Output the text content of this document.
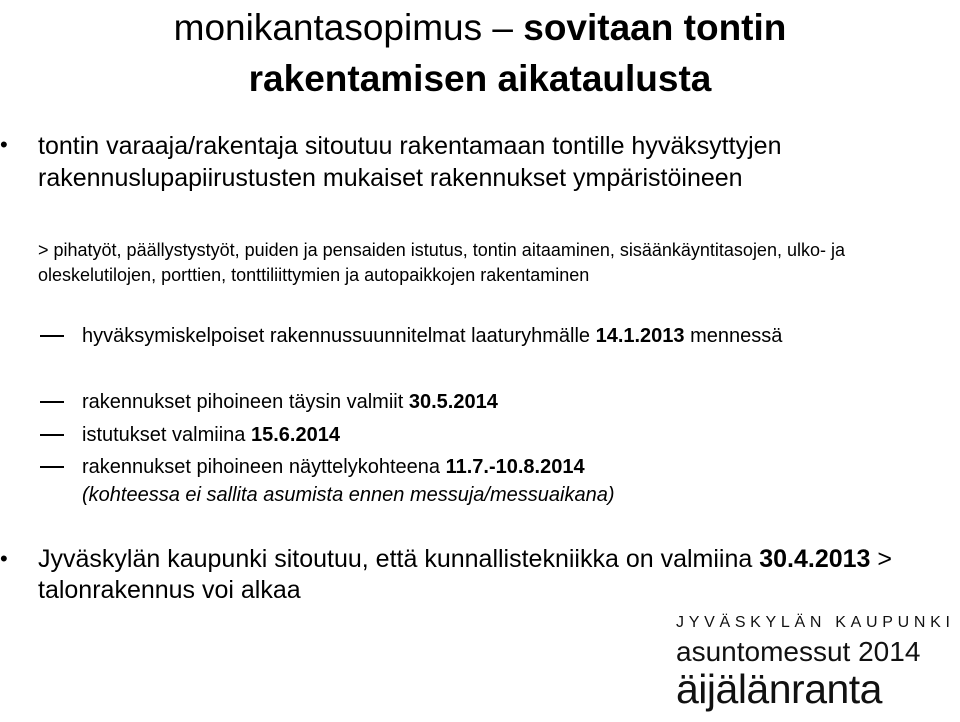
monikantasopimus – sovitaan tontin
rakentamisen aikataulusta
• tontin varaaja/rakentaja sitoutuu rakentamaan tontille hyväksyttyjen rakennuslupapiirustusten mukaiset rakennukset ympäristöineen
> pihatyöt, päällystystyöt, puiden ja pensaiden istutus, tontin aitaaminen, sisäänkäyntitasojen, ulko- ja oleskelutilojen, porttien, tonttiliittymien ja autopaikkojen rakentaminen
hyväksymiskelpoiset rakennussuunnitelmat laaturyhmälle 14.1.2013 mennessä
rakennukset pihoineen täysin valmiit 30.5.2014
istutukset valmiina 15.6.2014
rakennukset pihoineen näyttelykohteena 11.7.-10.8.2014
(kohteessa ei sallita asumista ennen messuja/messuaikana)
• Jyväskylän kaupunki sitoutuu, että kunnallistekniikka on valmiina 30.4.2013 > talonrakennus voi alkaa
JYVÄSKYLÄN KAUPUNKI
asuntomessut 2014
äijälänranta
